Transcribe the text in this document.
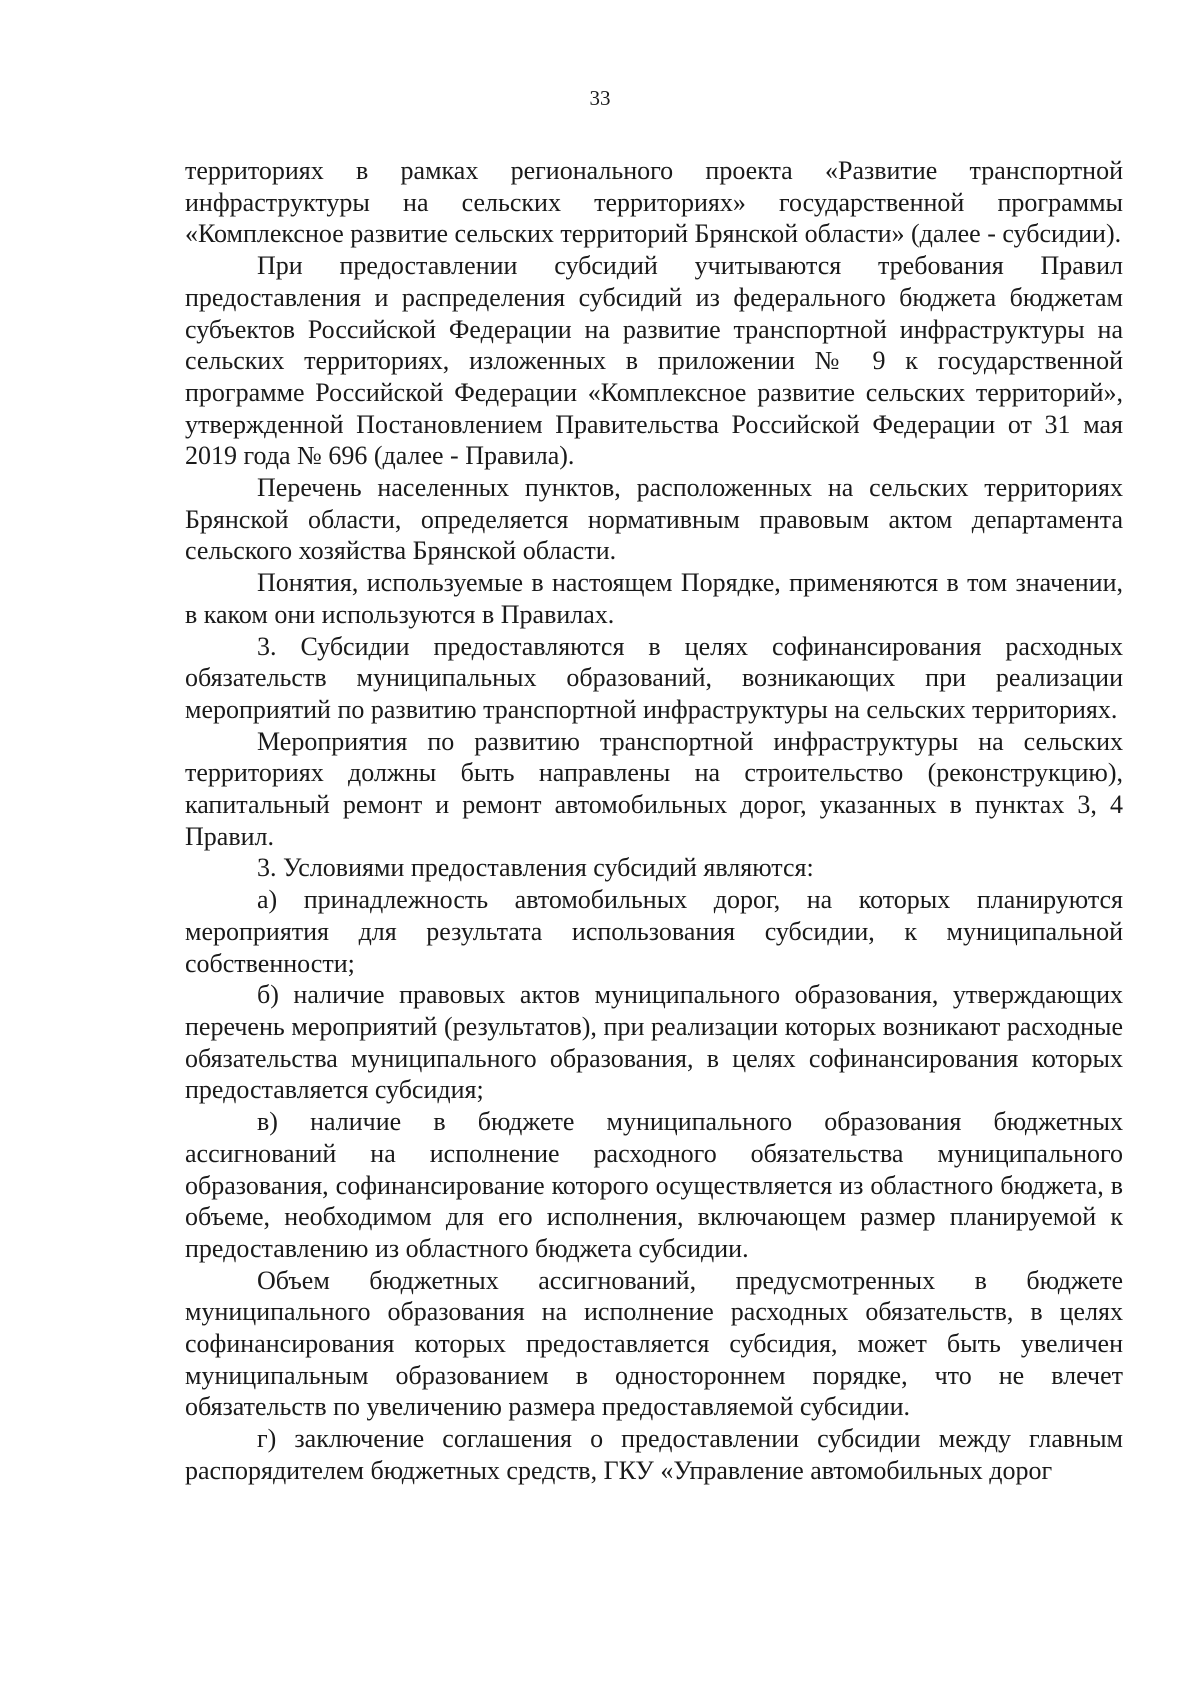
33

территориях в рамках регионального проекта «Развитие транспортной инфраструктуры на сельских территориях» государственной программы «Комплексное развитие сельских территорий Брянской области» (далее - субсидии).

При предоставлении субсидий учитываются требования Правил предоставления и распределения субсидий из федерального бюджета бюджетам субъектов Российской Федерации на развитие транспортной инфраструктуры на сельских территориях, изложенных в приложении № 9 к государственной программе Российской Федерации «Комплексное развитие сельских территорий», утвержденной Постановлением Правительства Российской Федерации от 31 мая 2019 года № 696 (далее - Правила).

Перечень населенных пунктов, расположенных на сельских территориях Брянской области, определяется нормативным правовым актом департамента сельского хозяйства Брянской области.

Понятия, используемые в настоящем Порядке, применяются в том значении, в каком они используются в Правилах.

3. Субсидии предоставляются в целях софинансирования расходных обязательств муниципальных образований, возникающих при реализации мероприятий по развитию транспортной инфраструктуры на сельских территориях.

Мероприятия по развитию транспортной инфраструктуры на сельских территориях должны быть направлены на строительство (реконструкцию), капитальный ремонт и ремонт автомобильных дорог, указанных в пунктах 3, 4 Правил.

3. Условиями предоставления субсидий являются:

а) принадлежность автомобильных дорог, на которых планируются мероприятия для результата использования субсидии, к муниципальной собственности;

б) наличие правовых актов муниципального образования, утверждающих перечень мероприятий (результатов), при реализации которых возникают расходные обязательства муниципального образования, в целях софинансирования которых предоставляется субсидия;

в) наличие в бюджете муниципального образования бюджетных ассигнований на исполнение расходного обязательства муниципального образования, софинансирование которого осуществляется из областного бюджета, в объеме, необходимом для его исполнения, включающем размер планируемой к предоставлению из областного бюджета субсидии.

Объем бюджетных ассигнований, предусмотренных в бюджете муниципального образования на исполнение расходных обязательств, в целях софинансирования которых предоставляется субсидия, может быть увеличен муниципальным образованием в одностороннем порядке, что не влечет обязательств по увеличению размера предоставляемой субсидии.

г) заключение соглашения о предоставлении субсидии между главным распорядителем бюджетных средств, ГКУ «Управление автомобильных дорог
